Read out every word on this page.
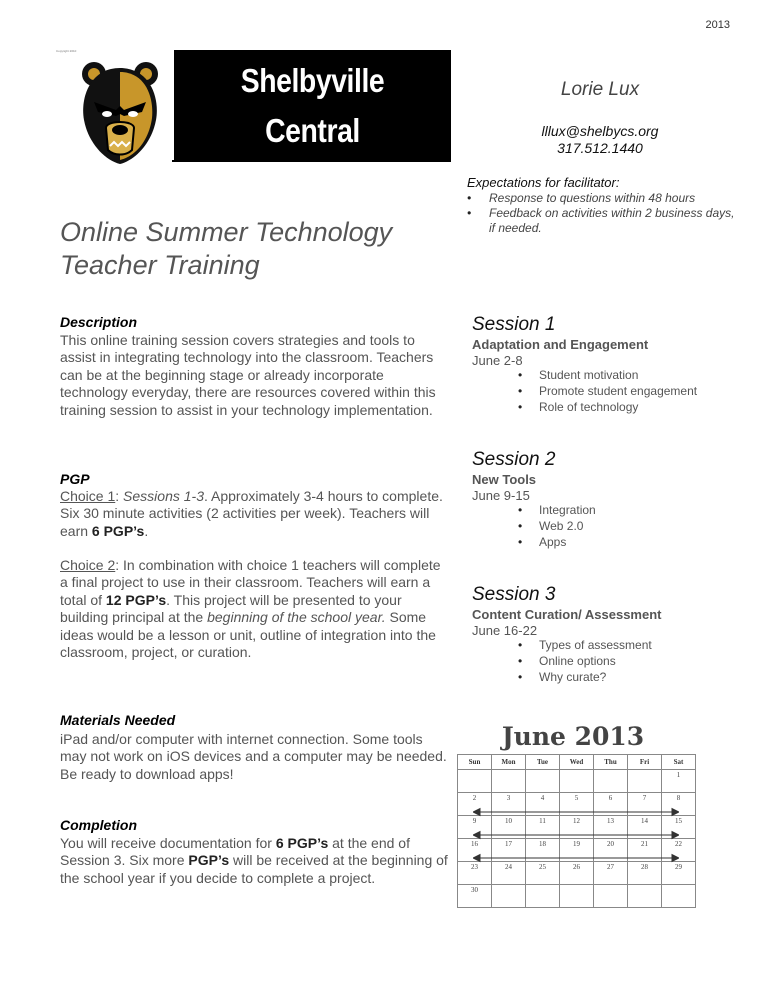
2013
Copyright 2010
Shelbyville Central
Schools
Lorie Lux
lllux@shelbycs.org
317.512.1440
Expectations for facilitator:
• Response to questions within 48 hours
• Feedback on activities within 2 business days, if needed.
Online Summer Technology
Teacher Training
Description
This online training session covers strategies and tools to assist in integrating technology into the classroom. Teachers can be at the beginning stage or already incorporate technology everyday, there are resources covered within this training session to assist in your technology implementation.
PGP
Choice 1: Sessions 1-3. Approximately 3-4 hours to complete. Six 30 minute activities (2 activities per week). Teachers will earn 6 PGP’s.
Choice 2: In combination with choice 1 teachers will complete a final project to use in their classroom. Teachers will earn a total of 12 PGP’s. This project will be presented to your building principal at the beginning of the school year. Some ideas would be a lesson or unit, outline of integration into the classroom, project, or curation.
Materials Needed
iPad and/or computer with internet connection. Some tools may not work on iOS devices and a computer may be needed. Be ready to download apps!
Completion
You will receive documentation for 6 PGP’s at the end of Session 3. Six more PGP’s will be received at the beginning of the school year if you decide to complete a project.
Session 1
Adaptation and Engagement
June 2-8
• Student motivation
• Promote student engagement
• Role of technology
Session 2
New Tools
June 9-15
• Integration
• Web 2.0
• Apps
Session 3
Content Curation/ Assessment
June 16-22
• Types of assessment
• Online options
• Why curate?
June 2013
Sun	Mon	Tue	Wed	Thu	Fri	Sat
						1
2	3	4	5	6	7	8
9	10	11	12	13	14	15
16	17	18	19	20	21	22
23	24	25	26	27	28	29
30						
